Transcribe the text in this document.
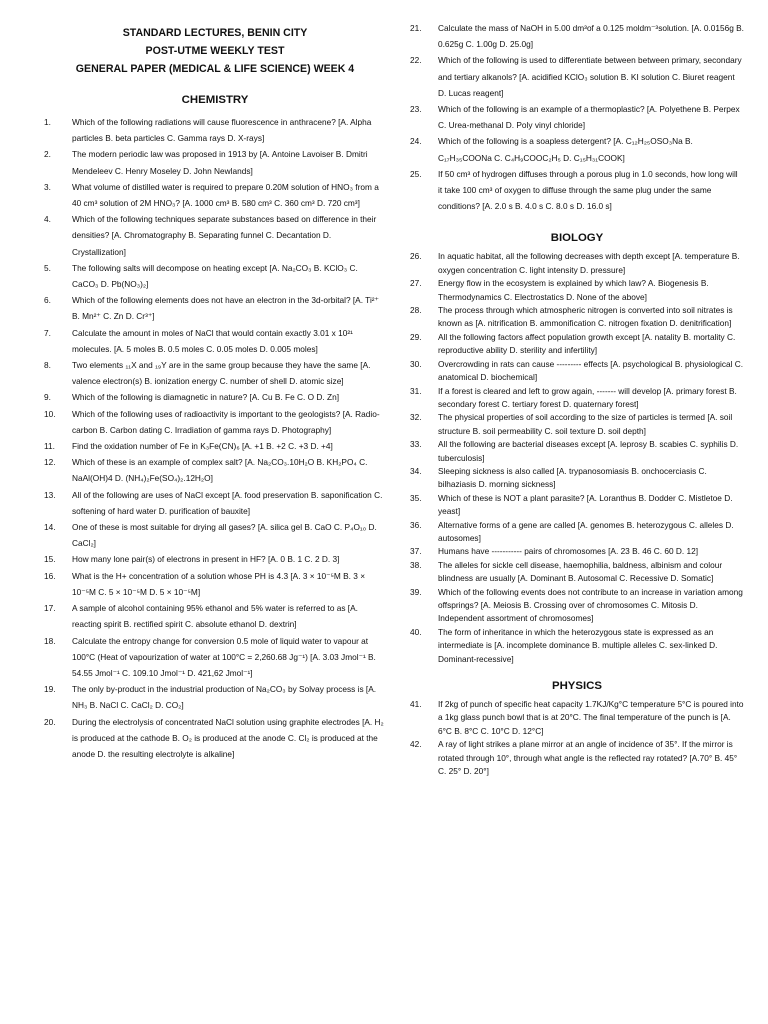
STANDARD LECTURES, BENIN CITY
POST-UTME WEEKLY TEST
GENERAL PAPER (MEDICAL & LIFE SCIENCE) WEEK 4
CHEMISTRY
1.	Which of the following radiations will cause fluorescence in anthracene? [A. Alpha particles B. beta particles C. Gamma rays D. X-rays]
2.	The modern periodic law was proposed in 1913 by [A. Antoine Lavoiser B. Dmitri Mendeleev C. Henry Moseley D. John Newlands]
3.	What volume of distilled water is required to prepare 0.20M solution of HNO₃ from a 40 cm³ solution of 2M HNO₃? [A. 1000 cm³ B. 580 cm³ C. 360 cm³ D. 720 cm³]
4.	Which of the following techniques separate substances based on difference in their densities? [A. Chromatography B. Separating funnel C. Decantation D. Crystallization]
5.	The following salts will decompose on heating except [A. Na₂CO₃ B. KClO₃ C. CaCO₃ D. Pb(NO₃)₂]
6.	Which of the following elements does not have an electron in the 3d-orbital? [A. Ti²⁺ B. Mn²⁺ C. Zn D. Cr³⁺]
7.	Calculate the amount in moles of NaCl that would contain exactly 3.01 x 10²¹ molecules. [A. 5 moles B. 0.5 moles C. 0.05 moles D. 0.005 moles]
8.	Two elements ₁₁X and ₁₉Y are in the same group because they have the same [A. valence electron(s) B. ionization energy C. number of shell D. atomic size]
9.	Which of the following is diamagnetic in nature? [A. Cu B. Fe C. O D. Zn]
10.	Which of the following uses of radioactivity is important to the geologists? [A. Radio-carbon B. Carbon dating C. Irradiation of gamma rays D. Photography]
11.	Find the oxidation number of Fe in K₃Fe(CN)₆ [A. +1 B. +2 C. +3 D. +4]
12.	Which of these is an example of complex salt? [A. Na₂CO₃.10H₂O B. KH₂PO₄ C. NaAl(OH)4 D. (NH₄)₂Fe(SO₄)₂.12H₂O]
13.	All of the following are uses of NaCl except [A. food preservation B. saponification C. softening of hard water D. purification of bauxite]
14.	One of these is most suitable for drying all gases? [A. silica gel B. CaO C. P₄O₁₀ D. CaCl₂]
15.	How many lone pair(s) of electrons in present in HF? [A. 0 B. 1 C. 2 D. 3]
16.	What is the H+ concentration of a solution whose PH is 4.3 [A. 3 × 10⁻⁵M B. 3 × 10⁻⁵M C. 5 × 10⁻⁵M D. 5 × 10⁻⁵M]
17.	A sample of alcohol containing 95% ethanol and 5% water is referred to as [A. reacting spirit B. rectified spirit C. absolute ethanol D. dextrin]
18.	Calculate the entropy change for conversion 0.5 mole of liquid water to vapour at 100°C (Heat of vapourization of water at 100°C = 2,260.68 Jg⁻¹) [A. 3.03 Jmol⁻¹ B. 54.55 Jmol⁻¹ C. 109.10 Jmol⁻¹ D. 421,62 Jmol⁻¹]
19.	The only by-product in the industrial production of Na₂CO₃ by Solvay process is [A. NH₃ B. NaCl C. CaCl₂ D. CO₂]
20.	During the electrolysis of concentrated NaCl solution using graphite electrodes [A. H₂ is produced at the cathode B. O₂ is produced at the anode C. Cl₂ is produced at the anode D. the resulting electrolyte is alkaline]
21.	Calculate the mass of NaOH in 5.00 dm³of a 0.125 moldm⁻³solution. [A. 0.0156g B. 0.625g C. 1.00g D. 25.0g]
22.	Which of the following is used to differentiate between between primary, secondary and tertiary alkanols? [A. acidified KClO₃ solution B. KI solution C. Biuret reagent D. Lucas reagent]
23.	Which of the following is an example of a thermoplastic? [A. Polyethene B. Perpex C. Urea-methanal D. Poly vinyl chloride]
24.	Which of the following is a soapless detergent? [A. C₁₂H₂₅OSO₃Na B. C₁₇H₃₅COONa C. C₄H₉COOC₂H₅ D. C₁₅H₃₁COOK]
25.	If 50 cm³ of hydrogen diffuses through a porous plug in 1.0 seconds, how long will it take 100 cm³ of oxygen to diffuse through the same plug under the same conditions? [A. 2.0 s B. 4.0 s C. 8.0 s D. 16.0 s]
BIOLOGY
26.	In aquatic habitat, all the following decreases with depth except [A. temperature B. oxygen concentration C. light intensity D. pressure]
27.	Energy flow in the ecosystem is explained by which law? A. Biogenesis B. Thermodynamics C. Electrostatics D. None of the above]
28.	The process through which atmospheric nitrogen is converted into soil nitrates is known as [A. nitrification B. ammonification C. nitrogen fixation D. denitrification]
29.	All the following factors affect population growth except [A. natality B. mortality C. reproductive ability D. sterility and infertility]
30.	Overcrowding in rats can cause --------- effects [A. psychological B. physiological C. anatomical D. biochemical]
31.	If a forest is cleared and left to grow again, ------- will develop [A. primary forest B. secondary forest C. tertiary forest D. quaternary forest]
32.	The physical properties of soil according to the size of particles is termed [A. soil structure B. soil permeability C. soil texture D. soil depth]
33.	All the following are bacterial diseases except [A. leprosy B. scabies C. syphilis D. tuberculosis]
34.	Sleeping sickness is also called [A. trypanosomiasis B. onchocerciasis C. bilhaziasis D. morning sickness]
35.	Which of these is NOT a plant parasite? [A. Loranthus B. Dodder C. Mistletoe D. yeast]
36.	Alternative forms of a gene are called [A. genomes B. heterozygous C. alleles D. autosomes]
37.	Humans have ----------- pairs of chromosomes [A. 23 B. 46 C. 60 D. 12]
38.	The alleles for sickle cell disease, haemophilia, baldness, albinism and colour blindness are usually [A. Dominant B. Autosomal C. Recessive D. Somatic]
39.	Which of the following events does not contribute to an increase in variation among offsprings? [A. Meiosis B. Crossing over of chromosomes C. Mitosis D. Independent assortment of chromosomes]
40.	The form of inheritance in which the heterozygous state is expressed as an intermediate is [A. incomplete dominance B. multiple alleles C. sex-linked D. Dominant-recessive]
PHYSICS
41.	If 2kg of punch of specific heat capacity 1.7KJ/Kg°C temperature 5°C is poured into a 1kg glass punch bowl that is at 20°C. The final temperature of the punch is [A. 6°C B. 8°C C. 10°C D. 12°C]
42.	A ray of light strikes a plane mirror at an angle of incidence of 35°. If the mirror is rotated through 10°, through what angle is the reflected ray rotated? [A.70° B. 45° C. 25° D. 20°]
